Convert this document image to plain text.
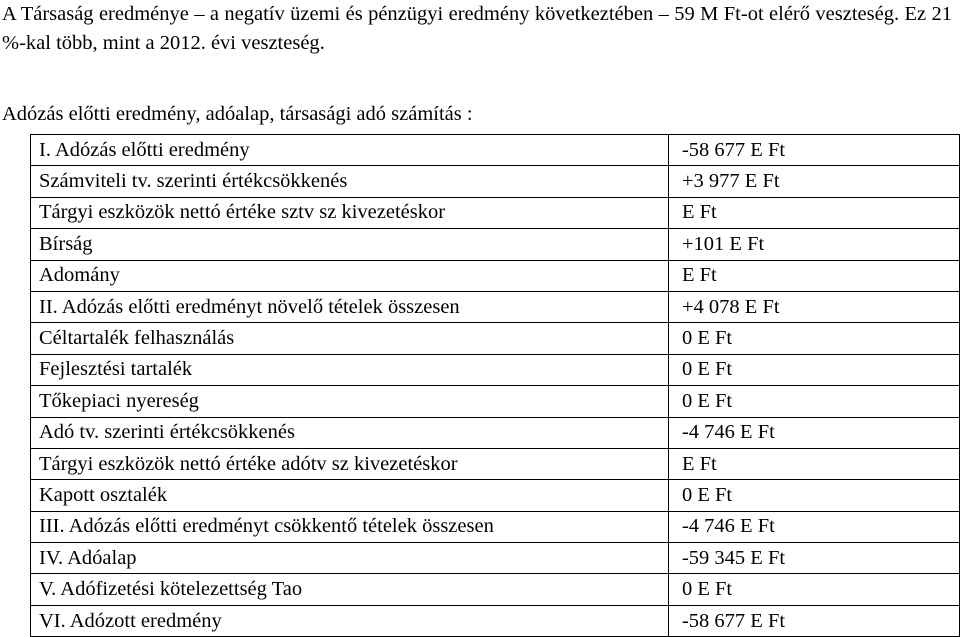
A Társaság eredménye – a negatív üzemi és pénzügyi eredmény következtében – 59 M Ft-ot elérő veszteség. Ez 21 %-kal több, mint a 2012. évi veszteség.

Adózás előtti eredmény, adóalap, társasági adó számítás :

I. Adózás előtti eredmény	-58 677 E Ft
Számviteli tv. szerinti értékcsökkenés	+3 977 E Ft
Tárgyi eszközök nettó értéke sztv sz kivezetéskor	E Ft
Bírság	+101 E Ft
Adomány	E Ft
II. Adózás előtti eredményt növelő tételek összesen	+4 078 E Ft
Céltartalék felhasználás	0 E Ft
Fejlesztési tartalék	0 E Ft
Tőkepiaci nyereség	0 E Ft
Adó tv. szerinti értékcsökkenés	-4 746 E Ft
Tárgyi eszközök nettó értéke adótv sz kivezetéskor	E Ft
Kapott osztalék	0 E Ft
III. Adózás előtti eredményt csökkentő tételek összesen	-4 746 E Ft
IV. Adóalap	-59 345 E Ft
V. Adófizetési kötelezettség Tao	0 E Ft
VI. Adózott eredmény	-58 677 E Ft
